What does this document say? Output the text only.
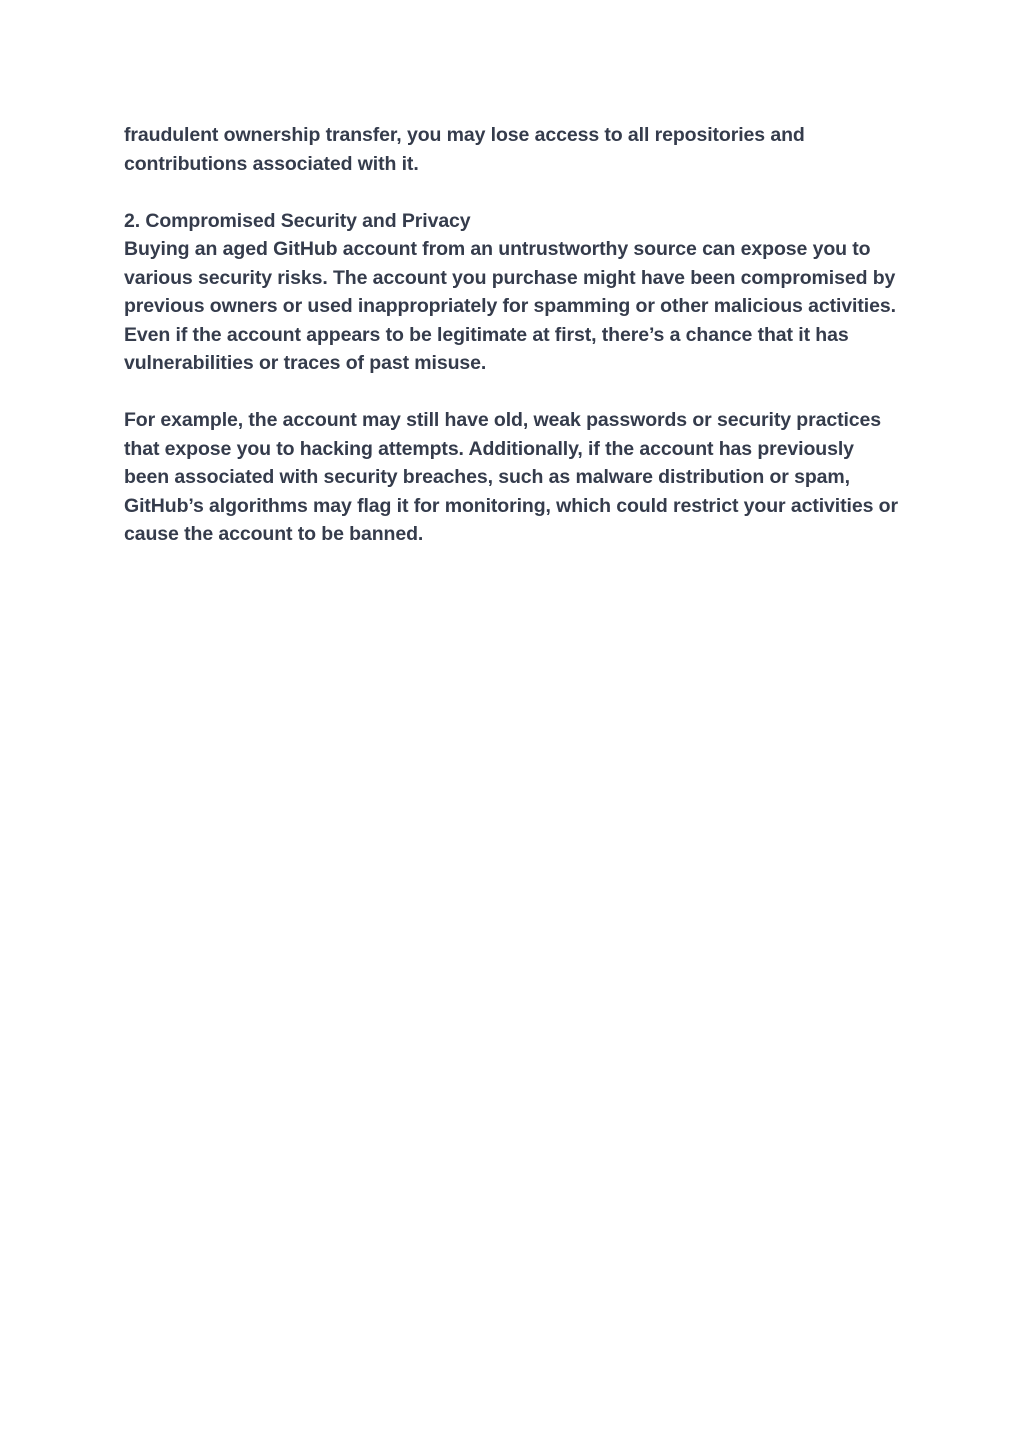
fraudulent ownership transfer, you may lose access to all repositories and
contributions associated with it.

2. Compromised Security and Privacy

Buying an aged GitHub account from an untrustworthy source can expose you to
various security risks. The account you purchase might have been compromised by
previous owners or used inappropriately for spamming or other malicious activities.
Even if the account appears to be legitimate at first, there’s a chance that it has
vulnerabilities or traces of past misuse.

For example, the account may still have old, weak passwords or security practices
that expose you to hacking attempts. Additionally, if the account has previously
been associated with security breaches, such as malware distribution or spam,
GitHub’s algorithms may flag it for monitoring, which could restrict your activities or
cause the account to be banned.
